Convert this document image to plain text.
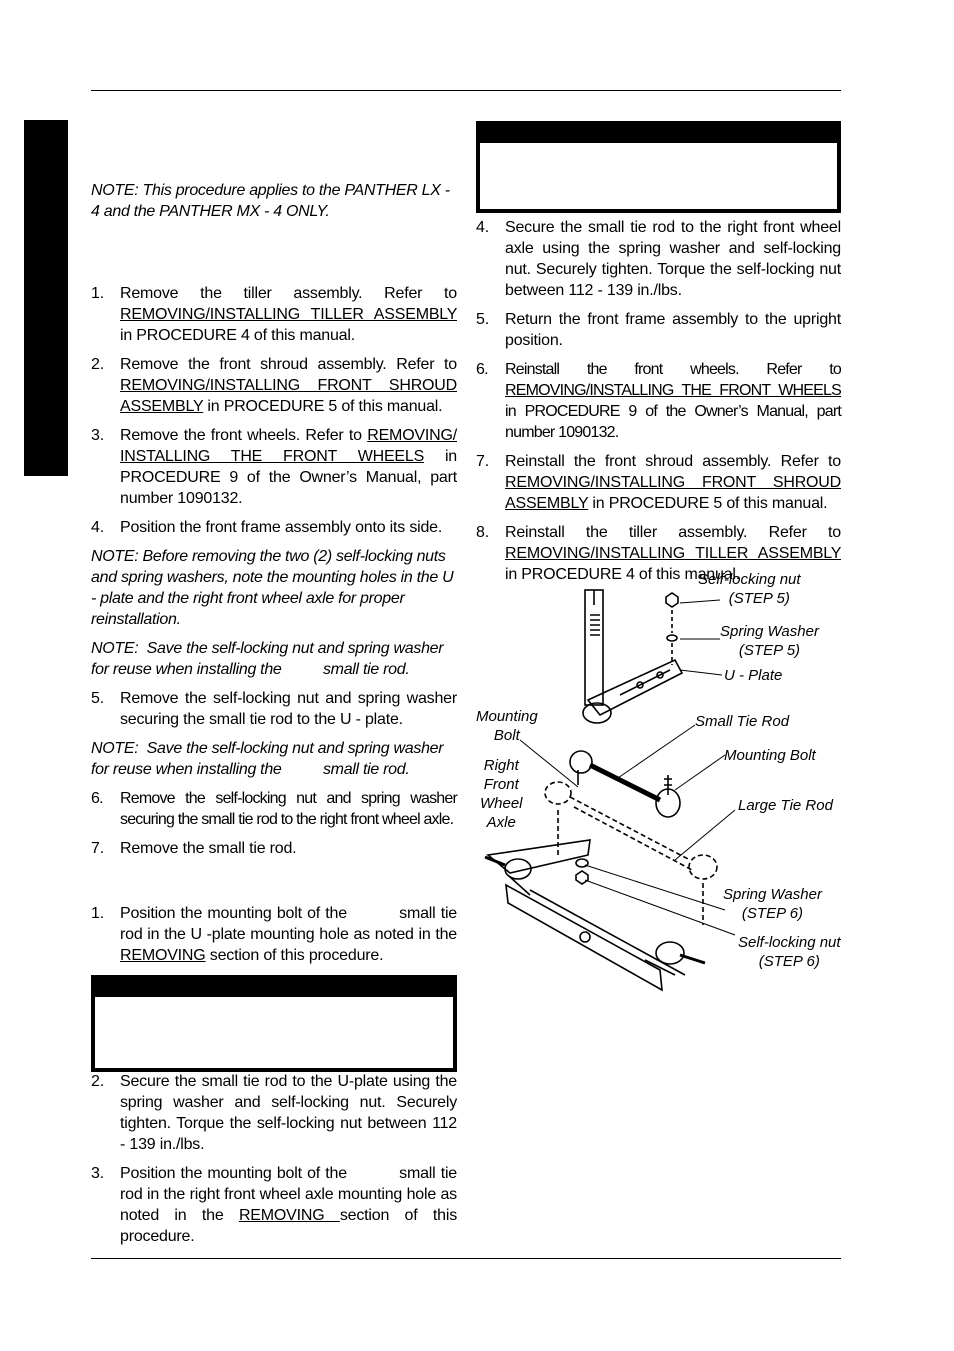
NOTE: This procedure applies to the PANTHER LX - 4 and the PANTHER MX - 4 ONLY.

1. Remove the tiller assembly. Refer to REMOVING/INSTALLING TILLER ASSEMBLY in PROCEDURE 4 of this manual.
2. Remove the front shroud assembly. Refer to REMOVING/INSTALLING FRONT SHROUD ASSEMBLY in PROCEDURE 5 of this manual.
3. Remove the front wheels. Refer to REMOVING/ INSTALLING THE FRONT WHEELS in PROCEDURE 9 of the Owner’s Manual, part number 1090132.
4. Position the front frame assembly onto its side.

NOTE: Before removing the two (2) self-locking nuts and spring washers, note the mounting holes in the U - plate and the right front wheel axle for proper reinstallation.

NOTE:  Save the self-locking nut and spring washer for reuse when installing the          small tie rod.

5. Remove the self-locking nut and spring washer securing the small tie rod to the U - plate.

NOTE:  Save the self-locking nut and spring washer for reuse when installing the          small tie rod.

6. Remove the self-locking nut and spring washer securing the small tie rod to the right front wheel axle.
7. Remove the small tie rod.
1. Position the mounting bolt of the          small tie rod in the U -plate mounting hole as noted in the REMOVING section of this procedure.
2. Secure the small tie rod to the U-plate using the spring washer and self-locking nut. Securely tighten. Torque the self-locking nut between 112 - 139 in./lbs.
3. Position the mounting bolt of the          small tie rod in the right front wheel axle mounting hole as noted in the REMOVING section of this procedure.
4. Secure the small tie rod to the right front wheel axle using the spring washer and self-locking nut. Securely tighten. Torque the self-locking nut between 112 - 139 in./lbs.
5. Return the front frame assembly to the upright position.
6. Reinstall the front wheels. Refer to REMOVING/INSTALLING THE FRONT WHEELS in PROCEDURE 9 of the Owner’s Manual, part number 1090132.
7. Reinstall the front shroud assembly. Refer to REMOVING/INSTALLING FRONT SHROUD ASSEMBLY in PROCEDURE 5 of this manual.
8. Reinstall the tiller assembly. Refer to REMOVING/INSTALLING TILLER ASSEMBLY in PROCEDURE 4 of this manual.
Self-locking nut
(STEP 5)
Spring Washer
(STEP 5)
U - Plate
Mounting
Bolt
Small Tie Rod
Mounting Bolt
Right
Front
Wheel
Axle
Large Tie Rod
Spring Washer
(STEP 6)
Self-locking nut
(STEP 6)
